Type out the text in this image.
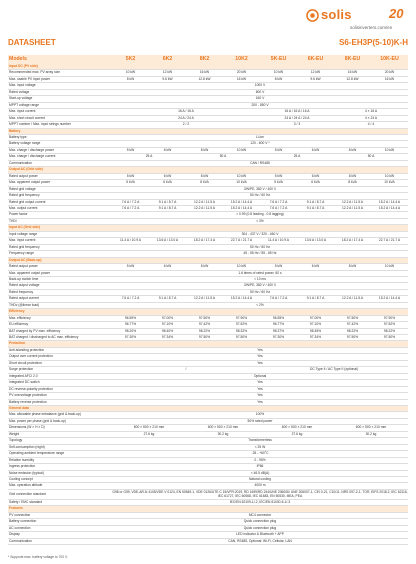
solis	20
solisinverters.com/en
DATASHEET	S6-EH3P(5-10)K-H
Models	5K2	6K2	8K2	10K2	5K-EU	6K-EU	8K-EU	10K-EU
Input DC (PV side)								
Recommended max. PV array size	10 kW	12 kW	16 kW	20 kW	10 kW	12 kW	16 kW	20 kW
Max. usable PV input power	8 kW	9.6 kW	12.8 kW	16 kW	8 kW	9.6 kW	12.8 kW	16 kW
Max. input voltage	1000 V							
Rated voltage	600 V							
Start-up voltage	160 V							
MPPT voltage range	200 - 850 V							
Max. input current	16 A / 16 A				16 A / 16 A / 16 A		4 × 16 A	
Max. short circuit current	24 A / 24 A				24 A / 24 A / 24 A		4 × 24 A	
MPPT number / Max. input strings number	2 / 2				3 / 3		4 / 4	
Battery								
Battery type	Li-ion							
Battery voltage range	120 - 600 V *							
Max. charge / discharge power	5 kW	6 kW	8 kW	10 kW	5 kW	6 kW	8 kW	10 kW
Max. charge / discharge current	25 A		50 A		25 A		50 A	
Communication	CAN / RS485							
Output AC (Grid side)								
Rated output power	5 kW	6 kW	8 kW	10 kW	5 kW	6 kW	8 kW	10 kW
Max. apparent output power	5 kVA	6 kVA	8 kVA	10 kVA	5 kVA	6 kVA	8 kVA	10 kVA
Rated grid voltage	3/N/PE, 380 V / 400 V							
Rated grid frequency	50 Hz / 60 Hz							
Rated grid output current	7.6 A / 7.2 A	9.1 A / 8.7 A	12.2 A / 11.5 A	15.2 A / 14.4 A	7.6 A / 7.2 A	9.1 A / 8.7 A	12.2 A / 11.5 A	15.2 A / 14.4 A
Max. output current	7.6 A / 7.2 A	9.1 A / 8.7 A	12.2 A / 11.5 A	15.2 A / 14.4 A	7.6 A / 7.2 A	9.1 A / 8.7 A	12.2 A / 11.5 A	15.2 A / 14.4 A
Power factor	> 0.99 (0.8 leading - 0.8 lagging)							
THDi	< 3%							
Input AC (Grid side)								
Input voltage range	304 - 437 V / 320 - 460 V							
Max. input current	11.4 A / 10.9 A	13.6 A / 13.0 A	18.2 A / 17.4 A	22.7 A / 21.7 A	11.4 A / 10.9 A	13.6 A / 13.0 A	18.2 A / 17.4 A	22.7 A / 21.7 A
Rated grid frequency	50 Hz / 60 Hz							
Frequency range	45 - 55 Hz / 55 - 65 Hz							
Output AC (Back-up)								
Rated output power	5 kW	6 kW	8 kW	10 kW	5 kW	6 kW	8 kW	10 kW
Max. apparent output power	1.6 times of rated power, 60 s							
Back-up switch time	< 10 ms							
Rated output voltage	3/N/PE, 380 V / 400 V							
Rated frequency	50 Hz / 60 Hz							
Rated output current	7.6 A / 7.2 A	9.1 A / 8.7 A	12.2 A / 11.5 A	15.2 A / 14.4 A	7.6 A / 7.2 A	9.1 A / 8.7 A	12.2 A / 11.5 A	15.2 A / 14.4 A
THDv (@linear load)	< 2%							
Efficiency								
Max. efficiency	96.59%	97.00%	97.50%	97.90%	96.55%	97.00%	97.50%	97.90%
EU efficiency	96.77%	97.10%	97.42%	97.52%	96.77%	97.10%	97.42%	97.52%
BAT charged by PV max. efficiency	98.20%	98.40%	98.22%	98.32%	98.37%	98.45%	98.22%	98.22%
BAT charged / discharged to AC max. efficiency	97.30%	97.34%	97.50%	97.50%	97.30%	97.34%	97.50%	97.50%
Protection								
Anti-islanding protection	Yes							
Output over current protection	Yes							
Short circuit protection	Yes							
Surge protection	/				DC Type II / AC Type II (optional)			
Integrated AFCI 2.0	Optional							
Integrated DC switch	Yes							
DC reverse-polarity protection	Yes							
PV overvoltage protection	Yes							
Battery reverse protection	Yes							
General data								
Max. allowable phase imbalance (grid & back-up)	100%							
Max. power per phase (grid & back-up)	50% rated power							
Dimensions (W × H × D)	600 × 500 × 210 mm		600 × 500 × 210 mm		600 × 500 × 210 mm		600 × 500 × 210 mm	
Weight	27.6 kg		30.2 kg		27.6 kg		30.2 kg	
Topology	Transformerless							
Self-consumption (night)	< 25 W							
Operating ambient temperature range	-25 - +60°C							
Relative humidity	0 - 95%							
Ingress protection	IP66							
Noise emission (typical)	< 46.5 dB(A)							
Cooling concept	Natural cooling							
Max. operation altitude	4000 m							
Grid connection standard	G98 or G99, VDE-AR-N 4105/VDE V 0124, EN 50549-1, VDE 0126/UTE C 15/VFR:2019, RD 1699/RD 244/UNE 206006/ UNE 206007-1, CEI 0-21, C10/11, NRS 097-2-1, TOR, EIFS 2018.2, IEC 62116, IEC 61727, IEC 60068, IEC 61683, EN 50530, MEA, PEA							
Safety / EMC standard	IEC/EN 62109-1/-2, IEC/EN 61000-6-1/-3							
Features								
PV connection	MC4 connector							
Battery connection	Quick connection plug							
AC connection	Quick connection plug							
Display	LED indicator & Bluetooth + APP							
Communication	CAN, RS485, Optional: Wi-Fi, Cellular, LAN							
* Supports max. battery voltage to 700 V.
